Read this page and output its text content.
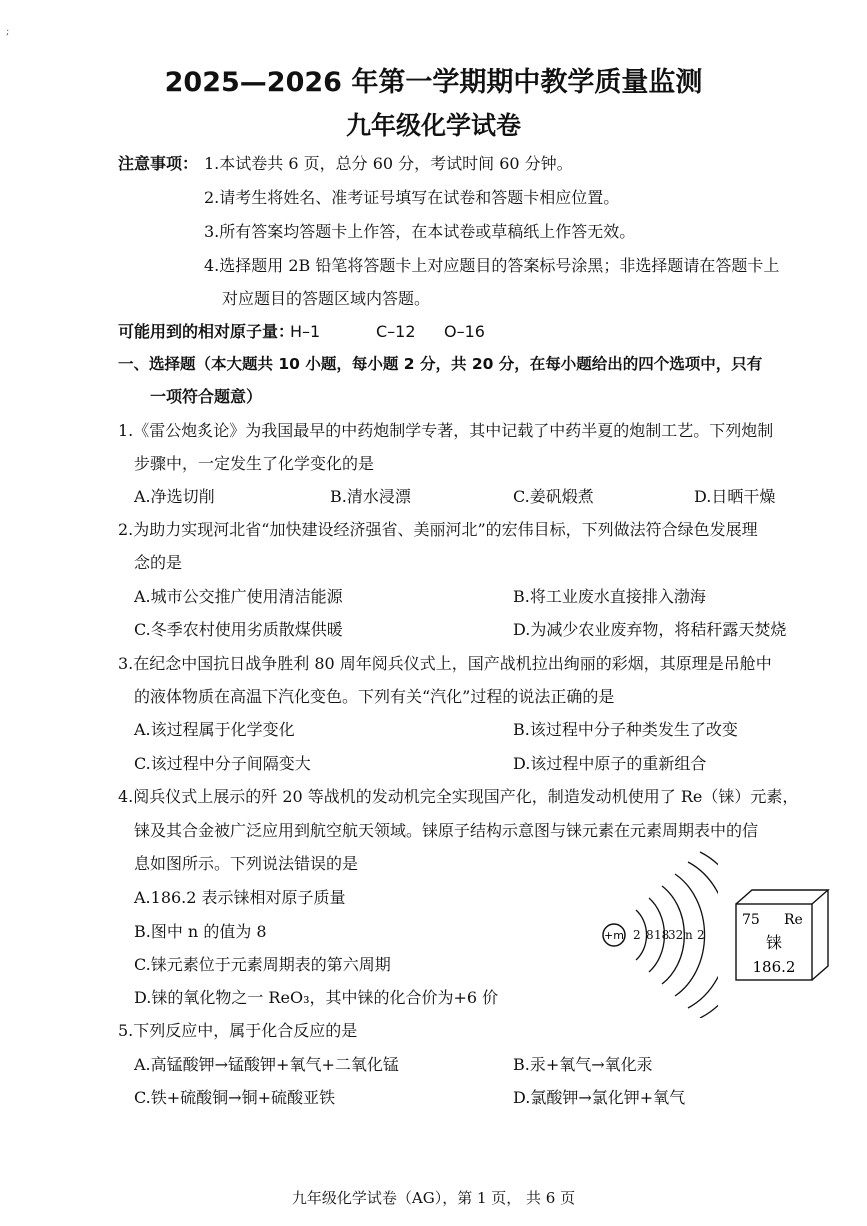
;
2025—2026 年第一学期期中教学质量监测
九年级化学试卷
注意事项： 1.本试卷共 6 页，总分 60 分，考试时间 60 分钟。
2.请考生将姓名、准考证号填写在试卷和答题卡相应位置。
3.所有答案均答题卡上作答，在本试卷或草稿纸上作答无效。
4.选择题用 2B 铅笔将答题卡上对应题目的答案标号涂黑；非选择题请在答题卡上
对应题目的答题区域内答题。
可能用到的相对原子量：
H–1	C–12 O–16
一、选择题（本大题共 10 小题，每小题 2 分，共 20 分，在每小题给出的四个选项中，只有
一项符合题意）
1.《雷公炮炙论》为我国最早的中药炮制学专著，其中记载了中药半夏的炮制工艺。下列炮制
步骤中，一定发生了化学变化的是
A.净选切削	B.清水浸漂	C.姜矾煅煮	D.日晒干燥
2.为助力实现河北省“加快建设经济强省、美丽河北”的宏伟目标，下列做法符合绿色发展理
念的是
A.城市公交推广使用清洁能源	B.将工业废水直接排入渤海
C.冬季农村使用劣质散煤供暖	D.为减少农业废弃物，将秸秆露天焚烧
3.在纪念中国抗日战争胜利 80 周年阅兵仪式上，国产战机拉出绚丽的彩烟，其原理是吊舱中
的液体物质在高温下汽化变色。下列有关“汽化”过程的说法正确的是
A.该过程属于化学变化	B.该过程中分子种类发生了改变
C.该过程中分子间隔变大	D.该过程中原子的重新组合
4.阅兵仪式上展示的歼 20 等战机的发动机完全实现国产化，制造发动机使用了 Re（铼）元素，
铼及其合金被广泛应用到航空航天领域。铼原子结构示意图与铼元素在元素周期表中的信
息如图所示。下列说法错误的是
A.186.2 表示铼相对原子质量
B.图中 n 的值为 8
C.铼元素位于元素周期表的第六周期
D.铼的氧化物之一 ReO₃，其中铼的化合价为+6 价
+m 2 8 18
32 n 2
75 Re
铼
186.2
5.下列反应中，属于化合反应的是
A.高锰酸钾→锰酸钾+氧气+二氧化锰	B.汞+氧气→氧化汞
C.铁+硫酸铜→铜+硫酸亚铁	D.氯酸钾→氯化钾+氧气
九年级化学试卷（AG），第 1 页， 共 6 页
